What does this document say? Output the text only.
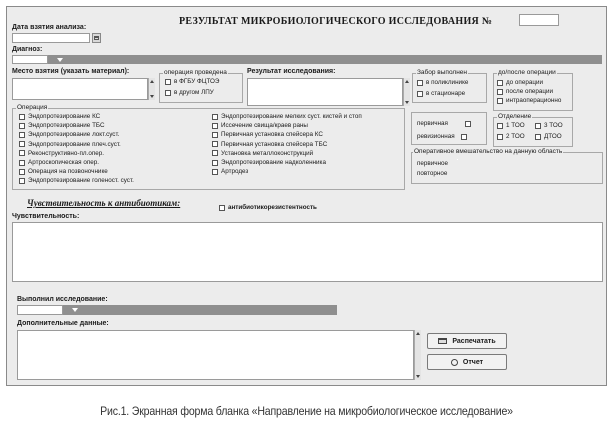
РЕЗУЛЬТАТ МИКРОБИОЛОГИЧЕСКОГО ИССЛЕДОВАНИЯ №
Дата взятия анализа:
Диагноз:
Место взятия (указать материал):	операция проведена
в ФГБУ ФЦТОЭ
в другом ЛПУ
Результат исследования:	Забор выполнен
в поликлинике
в стационаре
до/после операции
до операции
после операции
интраоперационно
Операция
Эндопротезирование КС
Эндопротезирование ТБС
Эндопротезирование локт.суст.
Эндопротезирование плеч.суст.
Реконструктивно-пл.опер.
Артроскопическая опер.
Операция на позвоночнике
Эндопротезирование голеност. суст.
Эндопротезирование мелких суст. кистей и стоп
Иссечение свища/краев раны
Первичная установка спейсера КС
Первичная установка спейсера ТБС
Установка металлоконструкций
Эндопротезирование надколенника
Артродез
первичная
ревизионная
Отделение
1 ТОО	3 ТОО
2 ТОО	ДТОО
Оперативное вмешательство на данную область
первичное
повторное
Чувствительность к антибиотикам:	антибиотикорезистентность
Чувствительность:
Выполнил исследование:
Дополнительные данные:
Распечатать
Отчет
Рис.1. Экранная форма бланка «Направление на микробиологическое исследование»
